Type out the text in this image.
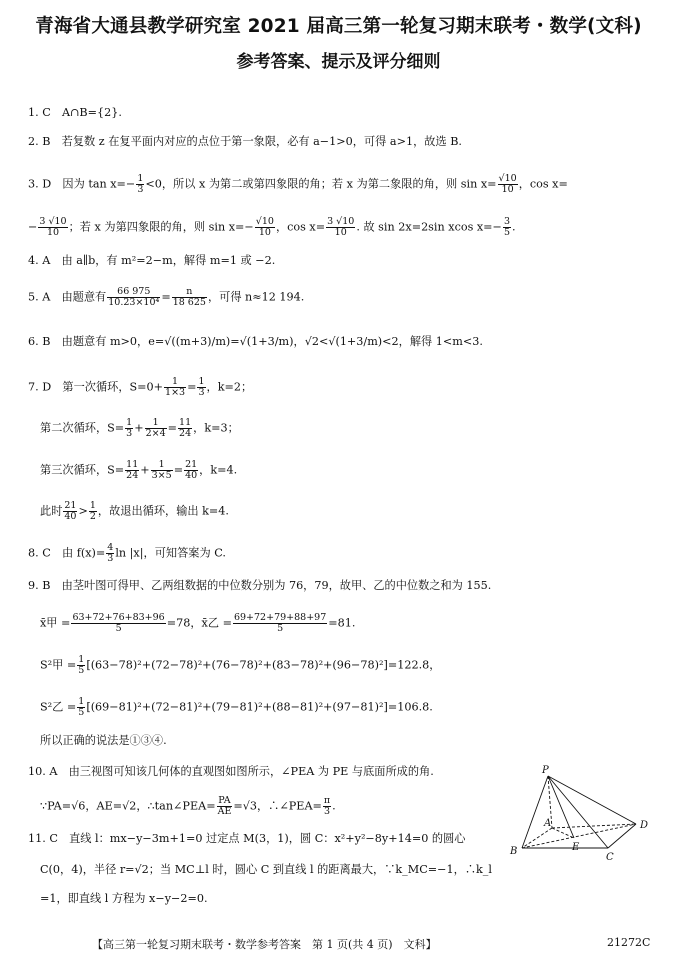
青海省大通县教学研究室 2021 届高三第一轮复习期末联考・数学(文科)
参考答案、提示及评分细则
1. C　A∩B={2}.
2. B　若复数 z 在复平面内对应的点位于第一象限，必有 a−1>0，可得 a>1，故选 B.
3. D　因为 $\tan x=- \frac{1}{3} <0$，所以 x 为第二或第四象限的角；若 x 为第二象限的角，则 $\sin x= \frac{√10}{10}$ ，cos x=
− $\frac{3 √10}{10}$ ；若 x 为第四象限的角，则 $\sin x=- \frac{√10}{10}$ ，$\cos x= \frac{3 √10}{10}$ . 故 sin 2x=2sin xcos $x=- \frac{3}{5}$ .
4. A　由 a∥b，有 m²=2−m，解得 m=1 或 −2.
5. A　由题意有 $\frac{66 975}{\text{10.23×10⁴}} = \frac{n}{18 625}$ ，可得 n≈12 194.
6. B　由题意有 m>0，e=√((m+3)/m)=√(1+3/m)，√2<√(1+3/m)<2，解得 1<m<3.
7. D　第一次循环，$S=0+ \frac{1}{1\times 3} = \frac{1}{3}$ ，k=2；
第二次循环，$S= \frac{1}{3} + \frac{1}{2\times 4} = \frac{11}{24}$ ，k=3；
第三次循环，$S= \frac{11}{24} + \frac{1}{3\times 5} = \frac{21}{40}$ ，k=4.
此时 $\frac{21}{40} > \frac{1}{2}$ ，故退出循环，输出 k=4.
8. C　由 $f(x)= \frac{4}{3}$ ln |x|，可知答案为 C.
9. B　由茎叶图可得甲、乙两组数据的中位数分别为 76，79，故甲、乙的中位数之和为 155.
x̄甲 = $\frac{63+72+76+83+96}{5} =78$，x̄乙 = $\frac{69+72+79+88+97}{5} =81$.
S²甲 = $\frac{1}{5} [(63-78)^2+(72-78)^2+(76-78)^2+(83-78)^2+(96-78)^2]=122.8$，
S²乙 = $\frac{1}{5} [(69-81)^2+(72-81)^2+(79-81)^2+(88-81)^2+(97-81)^2]=106.8$.
所以正确的说法是①③④.
10. A　由三视图可知该几何体的直观图如图所示，∠PEA 为 PE 与底面所成的角.
∵PA=√6，AE=√2，∴tan∠PEA= $\frac{PA}{AE} =√3$，∴∠PEA= $\frac{\pi}{3}$ .
11. C　直线 l：mx−y−3m+1=0 过定点 M(3，1)，圆 C：x²+y²−8y+14=0 的圆心
C(0，4)，半径 r=√2；当 MC⊥l 时，圆心 C 到直线 l 的距离最大，∵k_MC=−1，∴k_l
=1，即直线 l 方程为 x−y−2=0.
P
A
B
C
D
E
【高三第一轮复习期末联考・数学参考答案　第 1 页(共 4 页)　文科】	21272C
